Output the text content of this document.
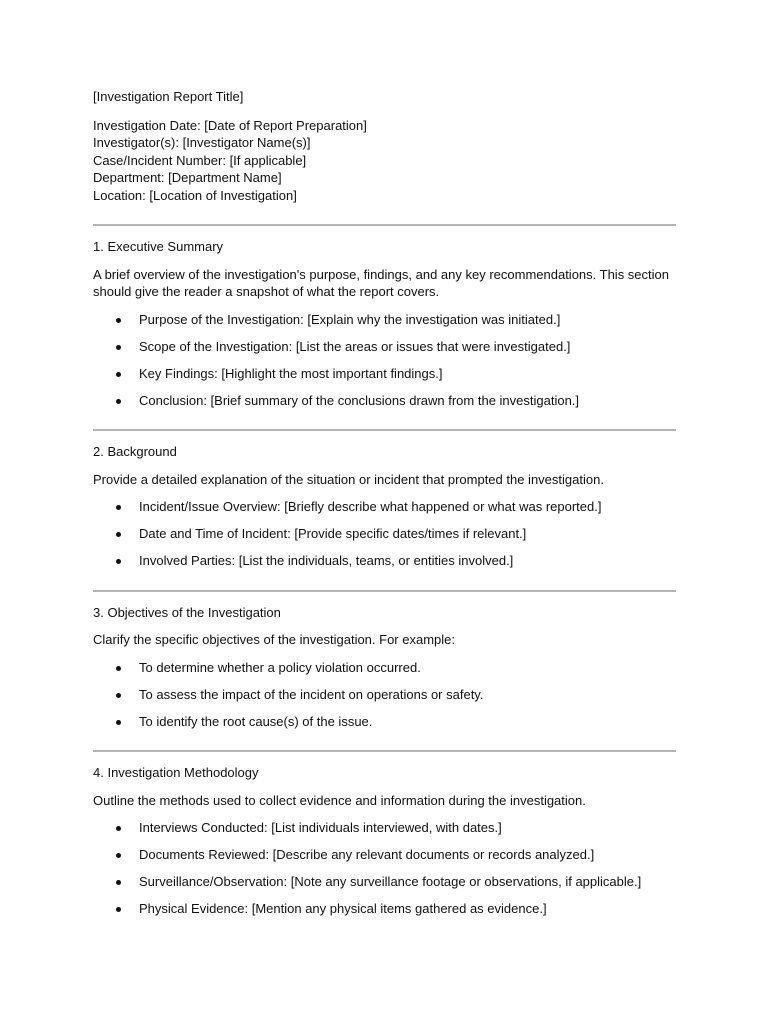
[Investigation Report Title]

Investigation Date: [Date of Report Preparation]

Investigator(s): [Investigator Name(s)]

Case/Incident Number: [If applicable]

Department: [Department Name]

Location: [Location of Investigation]

1. Executive Summary

A brief overview of the investigation's purpose, findings, and any key recommendations. This section should give the reader a snapshot of what the report covers.

Purpose of the Investigation: [Explain why the investigation was initiated.]
Scope of the Investigation: [List the areas or issues that were investigated.]
Key Findings: [Highlight the most important findings.]
Conclusion: [Brief summary of the conclusions drawn from the investigation.]

2. Background

Provide a detailed explanation of the situation or incident that prompted the investigation.

Incident/Issue Overview: [Briefly describe what happened or what was reported.]
Date and Time of Incident: [Provide specific dates/times if relevant.]
Involved Parties: [List the individuals, teams, or entities involved.]

3. Objectives of the Investigation

Clarify the specific objectives of the investigation. For example:

To determine whether a policy violation occurred.
To assess the impact of the incident on operations or safety.
To identify the root cause(s) of the issue.

4. Investigation Methodology

Outline the methods used to collect evidence and information during the investigation.

Interviews Conducted: [List individuals interviewed, with dates.]
Documents Reviewed: [Describe any relevant documents or records analyzed.]
Surveillance/Observation: [Note any surveillance footage or observations, if applicable.]
Physical Evidence: [Mention any physical items gathered as evidence.]
